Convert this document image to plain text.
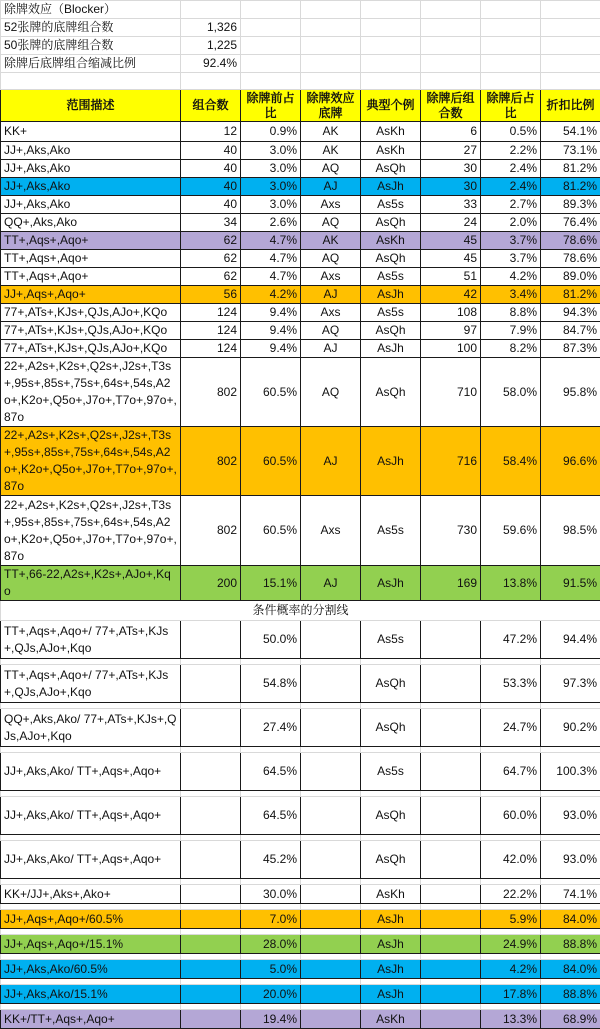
除牌效应（Blocker）							
52张牌的底牌组合数	1,326						
50张牌的底牌组合数	1,225						
除牌后底牌组合缩减比例	92.4%						

范围描述	组合数	除牌前占比	除牌效应底牌	典型个例	除牌后组合数	除牌后占比	折扣比例
KK+	12	0.9%	AK	AsKh	6	0.5%	54.1%
JJ+,Aks,Ako	40	3.0%	AK	AsKh	27	2.2%	73.1%
JJ+,Aks,Ako	40	3.0%	AQ	AsQh	30	2.4%	81.2%
JJ+,Aks,Ako	40	3.0%	AJ	AsJh	30	2.4%	81.2%
JJ+,Aks,Ako	40	3.0%	Axs	As5s	33	2.7%	89.3%
QQ+,Aks,Ako	34	2.6%	AQ	AsQh	24	2.0%	76.4%
TT+,Aqs+,Aqo+	62	4.7%	AK	AsKh	45	3.7%	78.6%
TT+,Aqs+,Aqo+	62	4.7%	AQ	AsQh	45	3.7%	78.6%
TT+,Aqs+,Aqo+	62	4.7%	Axs	As5s	51	4.2%	89.0%
JJ+,Aqs+,Aqo+	56	4.2%	AJ	AsJh	42	3.4%	81.2%
77+,ATs+,KJs+,QJs,AJo+,KQo	124	9.4%	Axs	As5s	108	8.8%	94.3%
77+,ATs+,KJs+,QJs,AJo+,KQo	124	9.4%	AQ	AsQh	97	7.9%	84.7%
77+,ATs+,KJs+,QJs,AJo+,KQo	124	9.4%	AJ	AsJh	100	8.2%	87.3%
22+,A2s+,K2s+,Q2s+,J2s+,T3s+,95s+,85s+,75s+,64s+,54s,A2o+,K2o+,Q5o+,J7o+,T7o+,97o+,87o	802	60.5%	AQ	AsQh	710	58.0%	95.8%
22+,A2s+,K2s+,Q2s+,J2s+,T3s+,95s+,85s+,75s+,64s+,54s,A2o+,K2o+,Q5o+,J7o+,T7o+,97o+,87o	802	60.5%	AJ	AsJh	716	58.4%	96.6%
22+,A2s+,K2s+,Q2s+,J2s+,T3s+,95s+,85s+,75s+,64s+,54s,A2o+,K2o+,Q5o+,J7o+,T7o+,97o+,87o	802	60.5%	Axs	As5s	730	59.6%	98.5%
TT+,66-22,A2s+,K2s+,AJo+,Kqo	200	15.1%	AJ	AsJh	169	13.8%	91.5%
条件概率的分割线							
TT+,Aqs+,Aqo+/ 77+,ATs+,KJs+,QJs,AJo+,Kqo		50.0%		As5s		47.2%	94.4%

TT+,Aqs+,Aqo+/ 77+,ATs+,KJs+,QJs,AJo+,Kqo		54.8%		AsQh		53.3%	97.3%

QQ+,Aks,Ako/ 77+,ATs+,KJs+,QJs,AJo+,Kqo		27.4%		AsQh		24.7%	90.2%

JJ+,Aks,Ako/ TT+,Aqs+,Aqo+		64.5%		As5s		64.7%	100.3%

JJ+,Aks,Ako/ TT+,Aqs+,Aqo+		64.5%		AsQh		60.0%	93.0%

JJ+,Aks,Ako/ TT+,Aqs+,Aqo+		45.2%		AsQh		42.0%	93.0%

KK+/JJ+,Aks+,Ako+		30.0%		AsKh		22.2%	74.1%

JJ+,Aqs+,Aqo+/60.5%		7.0%		AsJh		5.9%	84.0%

JJ+,Aqs+,Aqo+/15.1%		28.0%		AsJh		24.9%	88.8%

JJ+,Aks,Ako/60.5%		5.0%		AsJh		4.2%	84.0%

JJ+,Aks,Ako/15.1%		20.0%		AsJh		17.8%	88.8%

KK+/TT+,Aqs+,Aqo+		19.4%		AsKh		13.3%	68.9%
